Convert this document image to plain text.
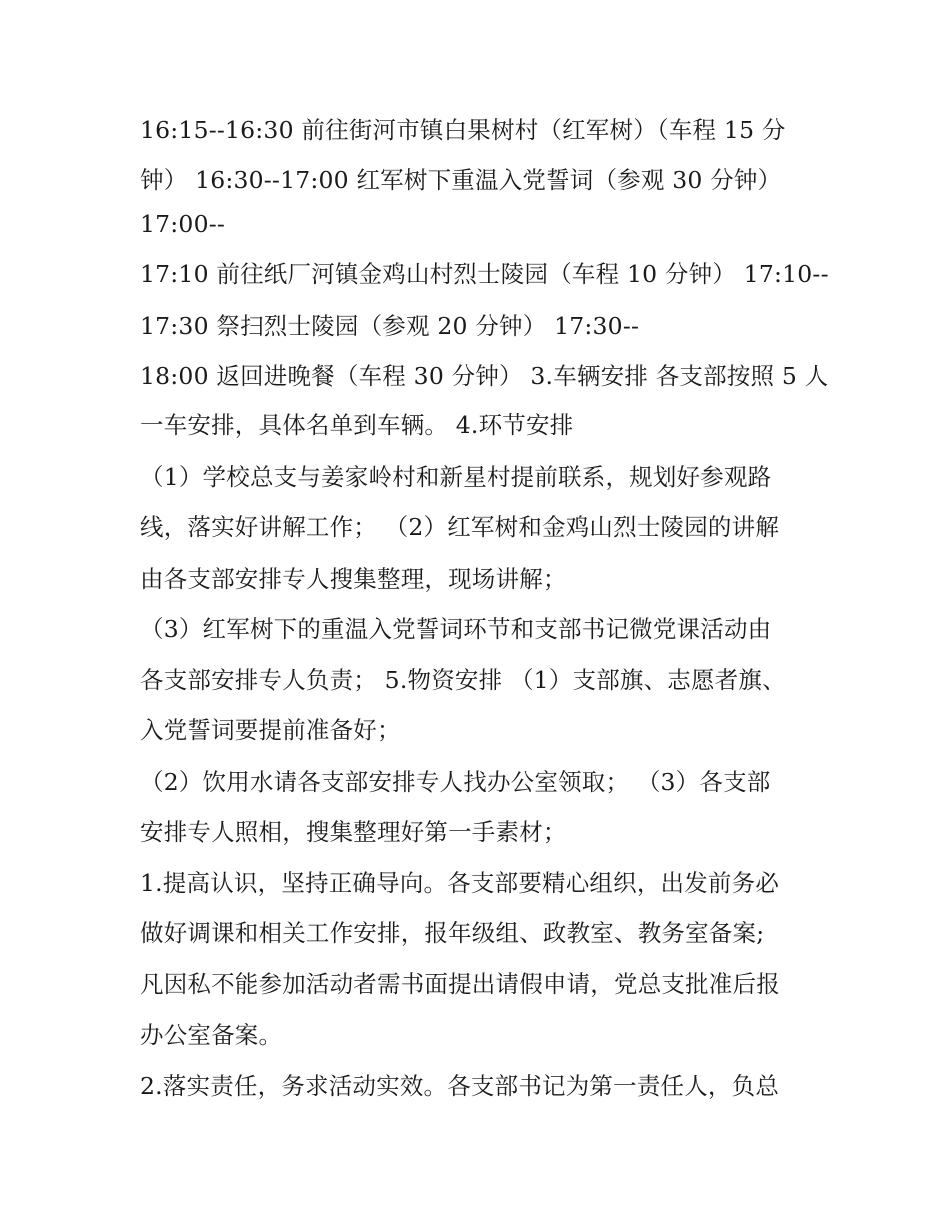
16:15--16:30 前往街河市镇白果树村（红军树）（车程 15 分

钟） 16:30--17:00 红军树下重温入党誓词（参观 30 分钟）

17:00--

17:10 前往纸厂河镇金鸡山村烈士陵园（车程 10 分钟） 17:10--

17:30 祭扫烈士陵园（参观 20 分钟） 17:30--

18:00 返回进晚餐（车程 30 分钟） 3.车辆安排 各支部按照 5 人

一车安排，具体名单到车辆。 4.环节安排

（1）学校总支与姜家岭村和新星村提前联系，规划好参观路

线，落实好讲解工作； （2）红军树和金鸡山烈士陵园的讲解

由各支部安排专人搜集整理，现场讲解；

（3）红军树下的重温入党誓词环节和支部书记微党课活动由

各支部安排专人负责； 5.物资安排 （1）支部旗、志愿者旗、

入党誓词要提前准备好；

（2）饮用水请各支部安排专人找办公室领取； （3）各支部

安排专人照相，搜集整理好第一手素材；

1.提高认识，坚持正确导向。各支部要精心组织，出发前务必

做好调课和相关工作安排，报年级组、政教室、教务室备案;

凡因私不能参加活动者需书面提出请假申请，党总支批准后报

办公室备案。

2.落实责任，务求活动实效。各支部书记为第一责任人，负总
